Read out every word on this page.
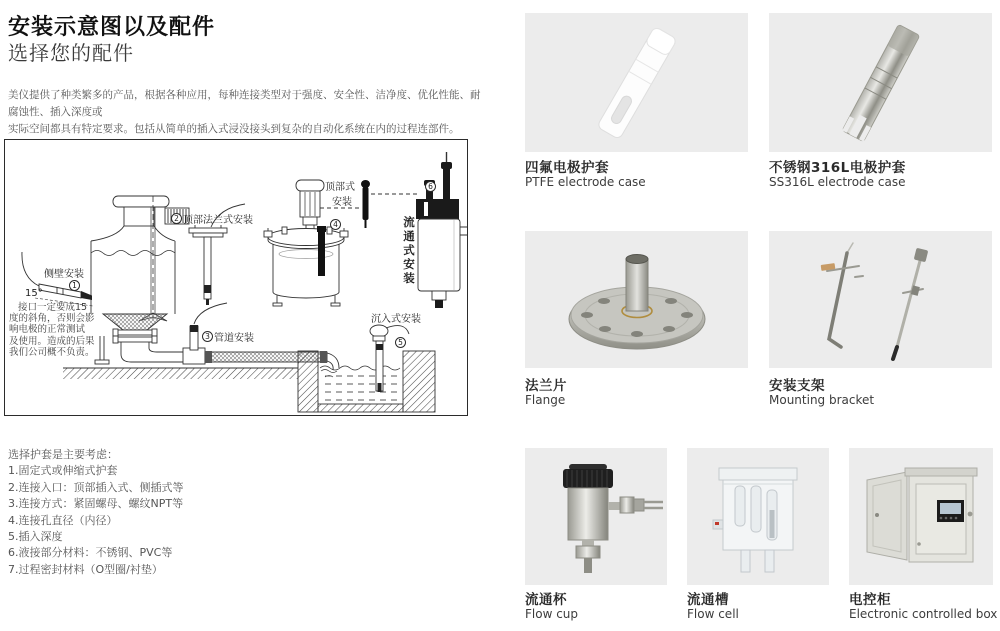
安装示意图以及配件
选择您的配件
美仪提供了种类繁多的产品，根据各种应用，每种连接类型对于强度、安全性、洁净度、优化性能、耐腐蚀性、插入深度或
实际空间都具有特定要求。包括从简单的插入式浸没接头到复杂的自动化系统在内的过程连部件。
侧壁安装
1
15°
接口一定要成15
度的斜角，否则会影
响电极的正常测试
及使用。造成的后果
我们公司概不负责。
2 顶部法兰式安装
3 管道安装
顶部式
安装
4
沉入式安装
5
6
流通式安装
选择护套是主要考虑：
1.固定式或伸缩式护套
2.连接入口：顶部插入式、侧插式等
3.连接方式：紧固螺母、螺纹NPT等
4.连接孔直径（内径）
5.插入深度
6.液接部分材料：不锈钢、PVC等
7.过程密封材料（O型圈/衬垫）
四氟电极护套
PTFE electrode case
不锈钢316L电极护套
SS316L electrode case
法兰片
Flange
安装支架
Mounting bracket
流通杯
Flow cup
流通槽
Flow cell
电控柜
Electronic controlled box
